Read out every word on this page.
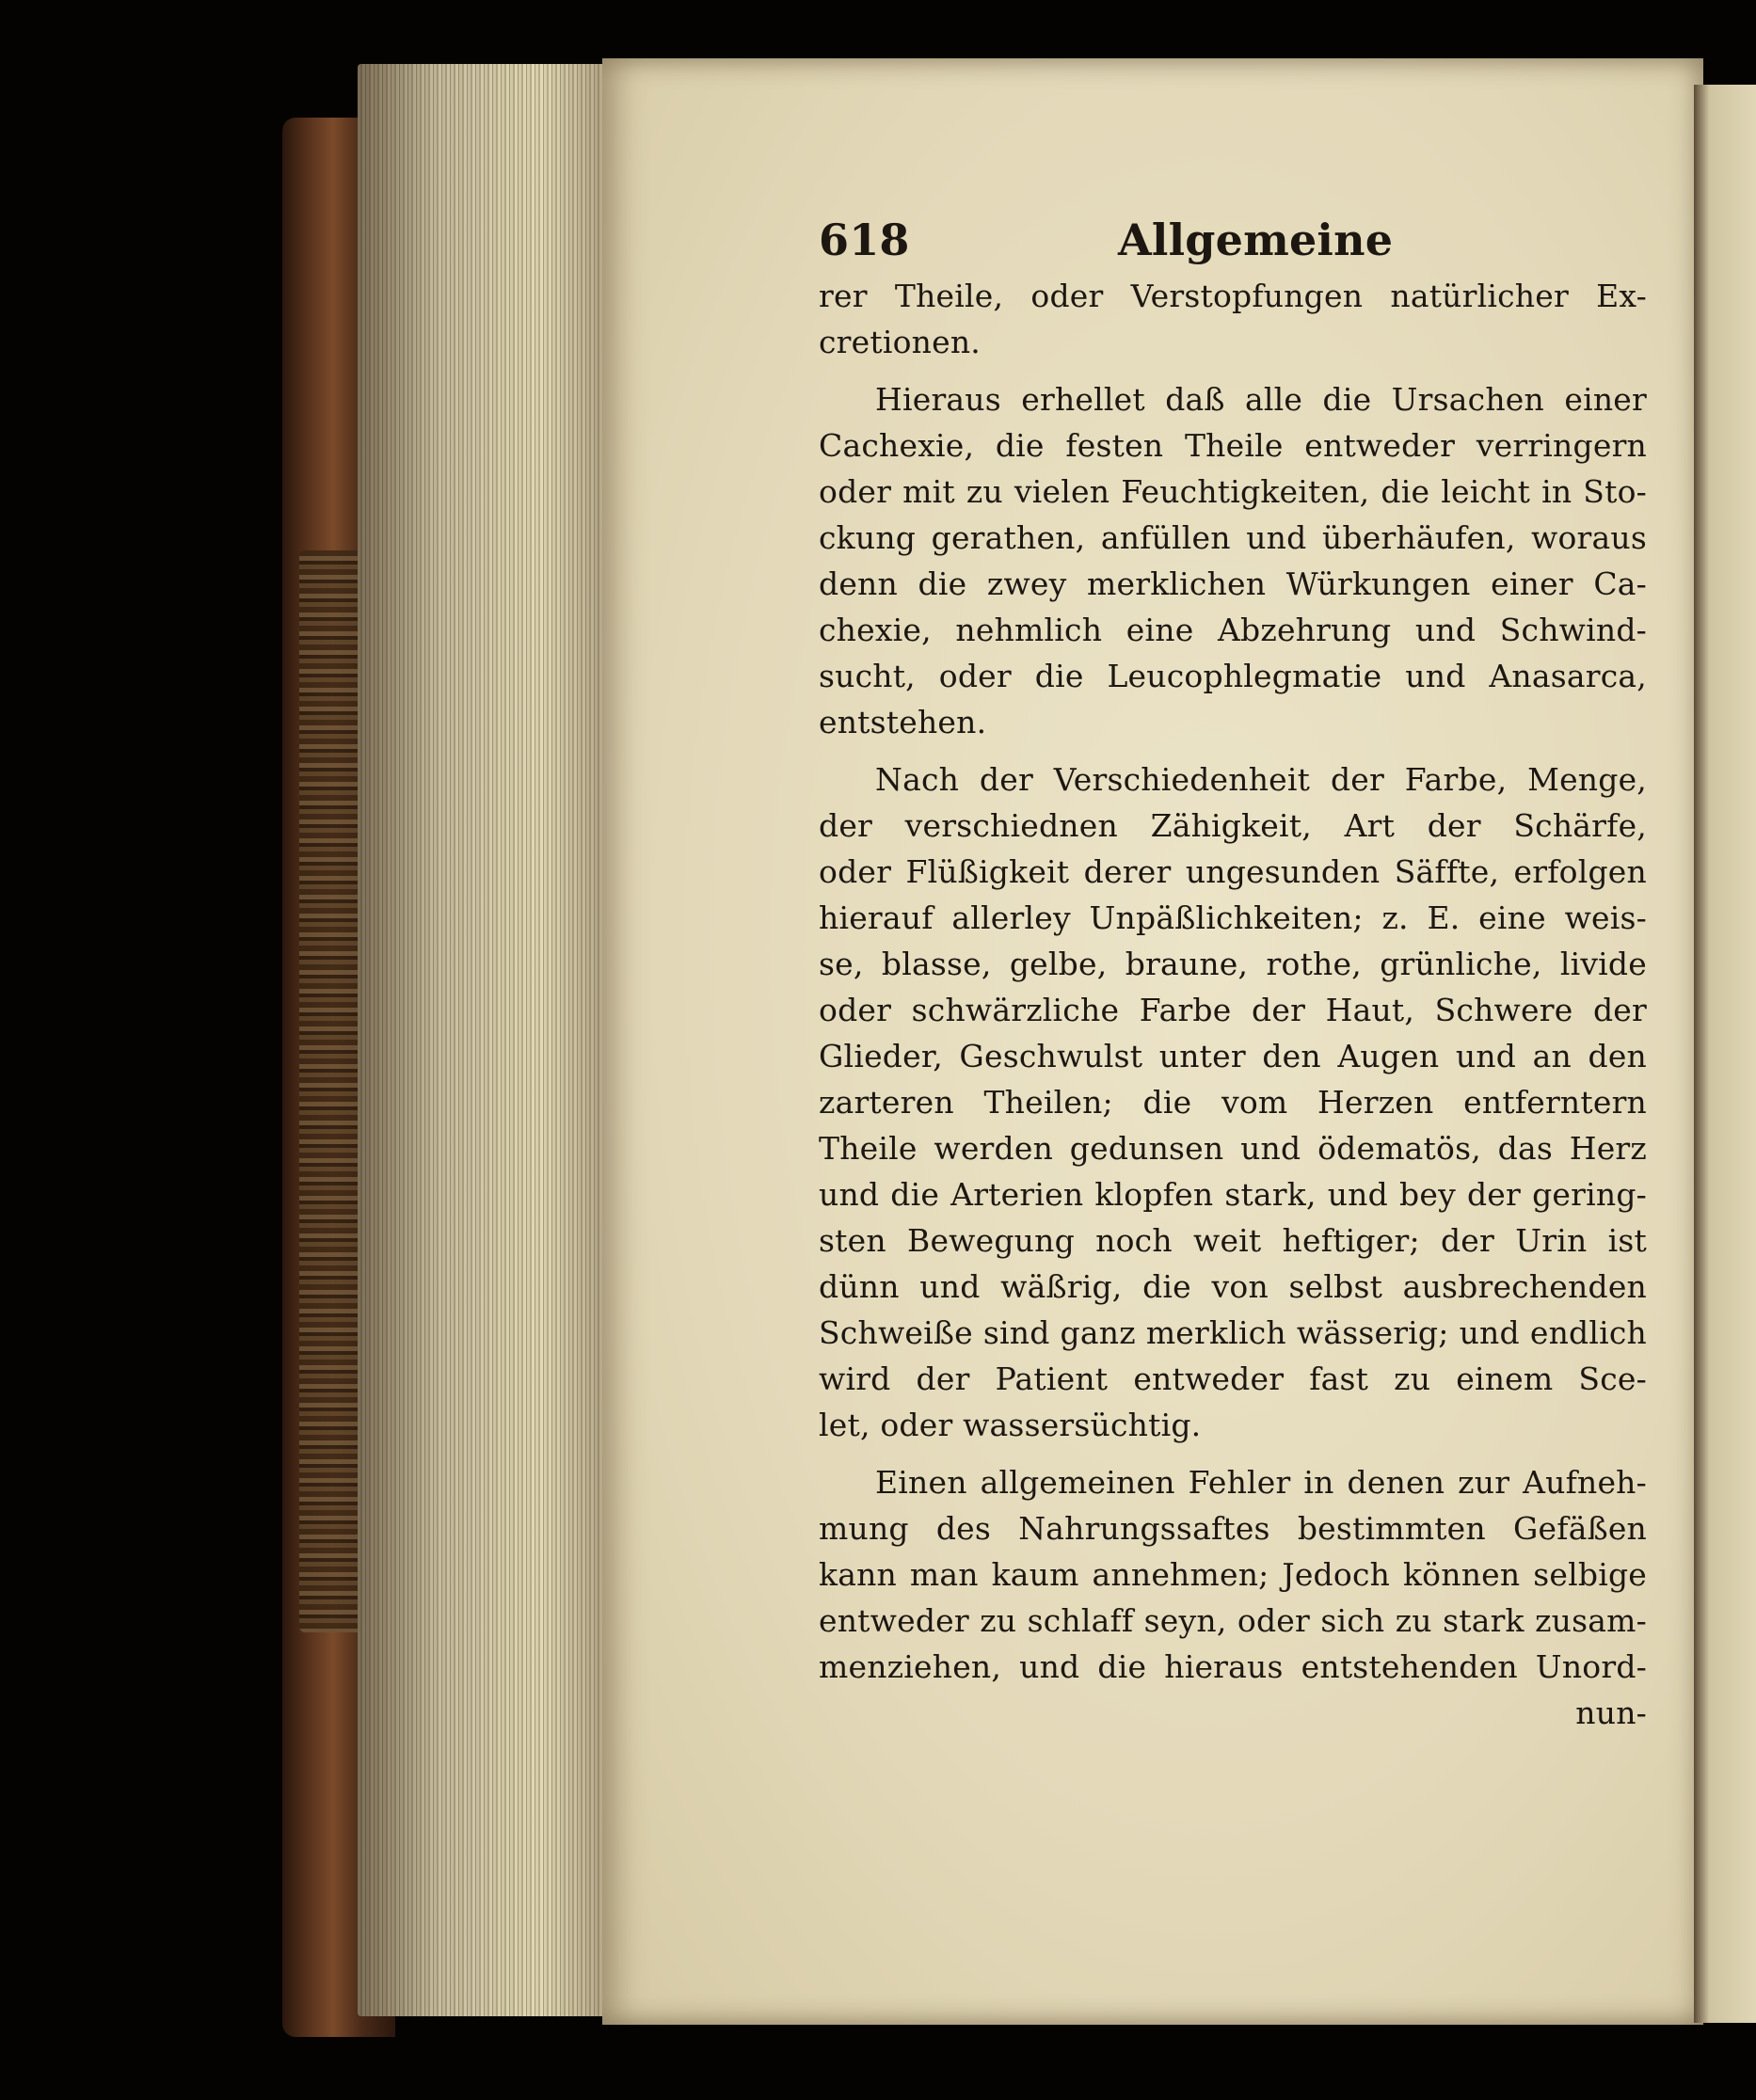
618	Allgemeine
rer Theile, oder Verstopfungen natürlicher Ex-
cretionen.
Hieraus erhellet daß alle die Ursachen einer
Cachexie, die festen Theile entweder verringern
oder mit zu vielen Feuchtigkeiten, die leicht in Sto-
ckung gerathen, anfüllen und überhäufen, woraus
denn die zwey merklichen Würkungen einer Ca-
chexie, nehmlich eine Abzehrung und Schwind-
sucht, oder die Leucophlegmatie und Anasarca,
entstehen.
Nach der Verschiedenheit der Farbe, Menge,
der verschiednen Zähigkeit, Art der Schärfe,
oder Flüßigkeit derer ungesunden Säffte, erfolgen
hierauf allerley Unpäßlichkeiten; z. E. eine weis-
se, blasse, gelbe, braune, rothe, grünliche, livide
oder schwärzliche Farbe der Haut, Schwere der
Glieder, Geschwulst unter den Augen und an den
zarteren Theilen; die vom Herzen entferntern
Theile werden gedunsen und ödematös, das Herz
und die Arterien klopfen stark, und bey der gering-
sten Bewegung noch weit heftiger; der Urin ist
dünn und wäßrig, die von selbst ausbrechenden
Schweiße sind ganz merklich wässerig; und endlich
wird der Patient entweder fast zu einem Sce-
let, oder wassersüchtig.
Einen allgemeinen Fehler in denen zur Aufneh-
mung des Nahrungssaftes bestimmten Gefäßen
kann man kaum annehmen; Jedoch können selbige
entweder zu schlaff seyn, oder sich zu stark zusam-
menziehen, und die hieraus entstehenden Unord-
nun-
